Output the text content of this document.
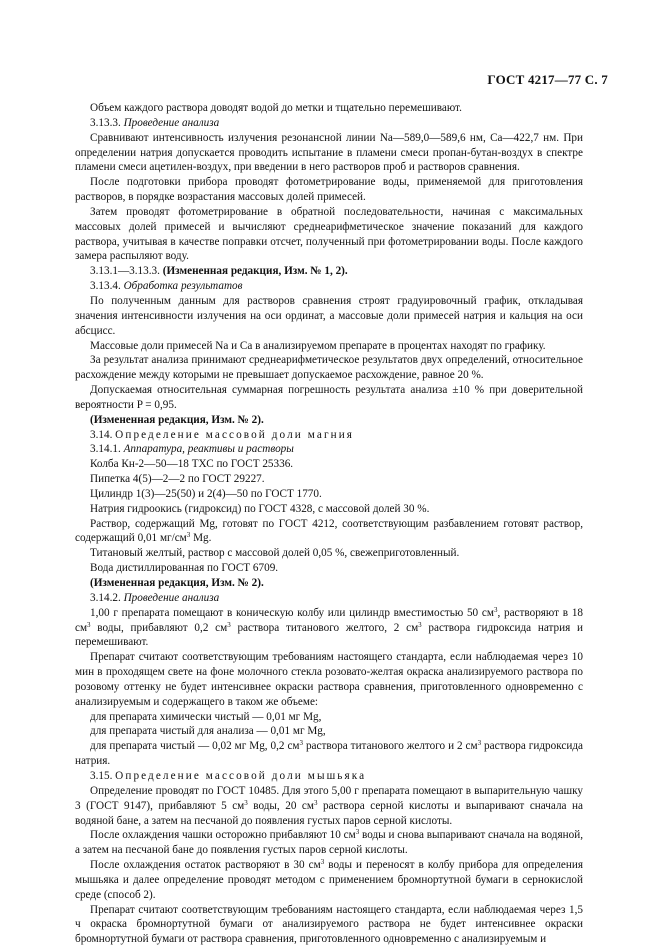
ГОСТ 4217—77 С. 7

Объем каждого раствора доводят водой до метки и тщательно перемешивают.

3.13.3. Проведение анализа

Сравнивают интенсивность излучения резонансной линии Na—589,0—589,6 нм, Са—422,7 нм. При определении натрия допускается проводить испытание в пламени смеси пропан-бутан-воздух в спектре пламени смеси ацетилен-воздух, при введении в него растворов проб и растворов сравнения.

После подготовки прибора проводят фотометрирование воды, применяемой для приготовления растворов, в порядке возрастания массовых долей примесей.

Затем проводят фотометрирование в обратной последовательности, начиная с максимальных массовых долей примесей и вычисляют среднеарифметическое значение показаний для каждого раствора, учитывая в качестве поправки отсчет, полученный при фотометрировании воды. После каждого замера распыляют воду.

3.13.1—3.13.3. (Измененная редакция, Изм. № 1, 2).

3.13.4. Обработка результатов

По полученным данным для растворов сравнения строят градуировочный график, откладывая значения интенсивности излучения на оси ординат, а массовые доли примесей натрия и кальция на оси абсцисс.

Массовые доли примесей Na и Са в анализируемом препарате в процентах находят по графику.

За результат анализа принимают среднеарифметическое результатов двух определений, относительное расхождение между которыми не превышает допускаемое расхождение, равное 20 %.

Допускаемая относительная суммарная погрешность результата анализа ±10 % при доверительной вероятности P = 0,95.

(Измененная редакция, Изм. № 2).

3.14. Определение массовой доли магния

3.14.1. Аппаратура, реактивы и растворы

Колба Кн-2—50—18 ТХС по ГОСТ 25336.

Пипетка 4(5)—2—2 по ГОСТ 29227.

Цилиндр 1(3)—25(50) и 2(4)—50 по ГОСТ 1770.

Натрия гидроокись (гидроксид) по ГОСТ 4328, с массовой долей 30 %.

Раствор, содержащий Mg, готовят по ГОСТ 4212, соответствующим разбавлением готовят раствор, содержащий 0,01 $мг/см^3$ Mg.

Титановый желтый, раствор с массовой долей 0,05 %, свежеприготовленный.

Вода дистиллированная по ГОСТ 6709.

(Измененная редакция, Изм. № 2).

3.14.2. Проведение анализа

1,00 г препарата помещают в коническую колбу или цилиндр вместимостью 50 $см^3$, растворяют в 18 $см^3$ воды, прибавляют 0,2 $см^3$ раствора титанового желтого, 2 $см^3$ раствора гидроксида натрия и перемешивают.

Препарат считают соответствующим требованиям настоящего стандарта, если наблюдаемая через 10 мин в проходящем свете на фоне молочного стекла розовато-желтая окраска анализируемого раствора по розовому оттенку не будет интенсивнее окраски раствора сравнения, приготовленного одновременно с анализируемым и содержащего в таком же объеме:

для препарата химически чистый — 0,01 мг Mg,

для препарата чистый для анализа — 0,01 мг Mg,

для препарата чистый — 0,02 мг Mg, 0,2 $см^3$ раствора титанового желтого и 2 $см^3$ раствора гидроксида натрия.

3.15. Определение массовой доли мышьяка

Определение проводят по ГОСТ 10485. Для этого 5,00 г препарата помещают в выпарительную чашку 3 (ГОСТ 9147), прибавляют 5 $см^3$ воды, 20 $см^3$ раствора серной кислоты и выпаривают сначала на водяной бане, а затем на песчаной до появления густых паров серной кислоты.

После охлаждения чашки осторожно прибавляют 10 $см^3$ воды и снова выпаривают сначала на водяной, а затем на песчаной бане до появления густых паров серной кислоты.

После охлаждения остаток растворяют в 30 $см^3$ воды и переносят в колбу прибора для определения мышьяка и далее определение проводят методом с применением бромнортутной бумаги в сернокислой среде (способ 2).

Препарат считают соответствующим требованиям настоящего стандарта, если наблюдаемая через 1,5 ч окраска бромнортутной бумаги от анализируемого раствора не будет интенсивнее окраски бромнортутной бумаги от раствора сравнения, приготовленного одновременно с анализируемым и
